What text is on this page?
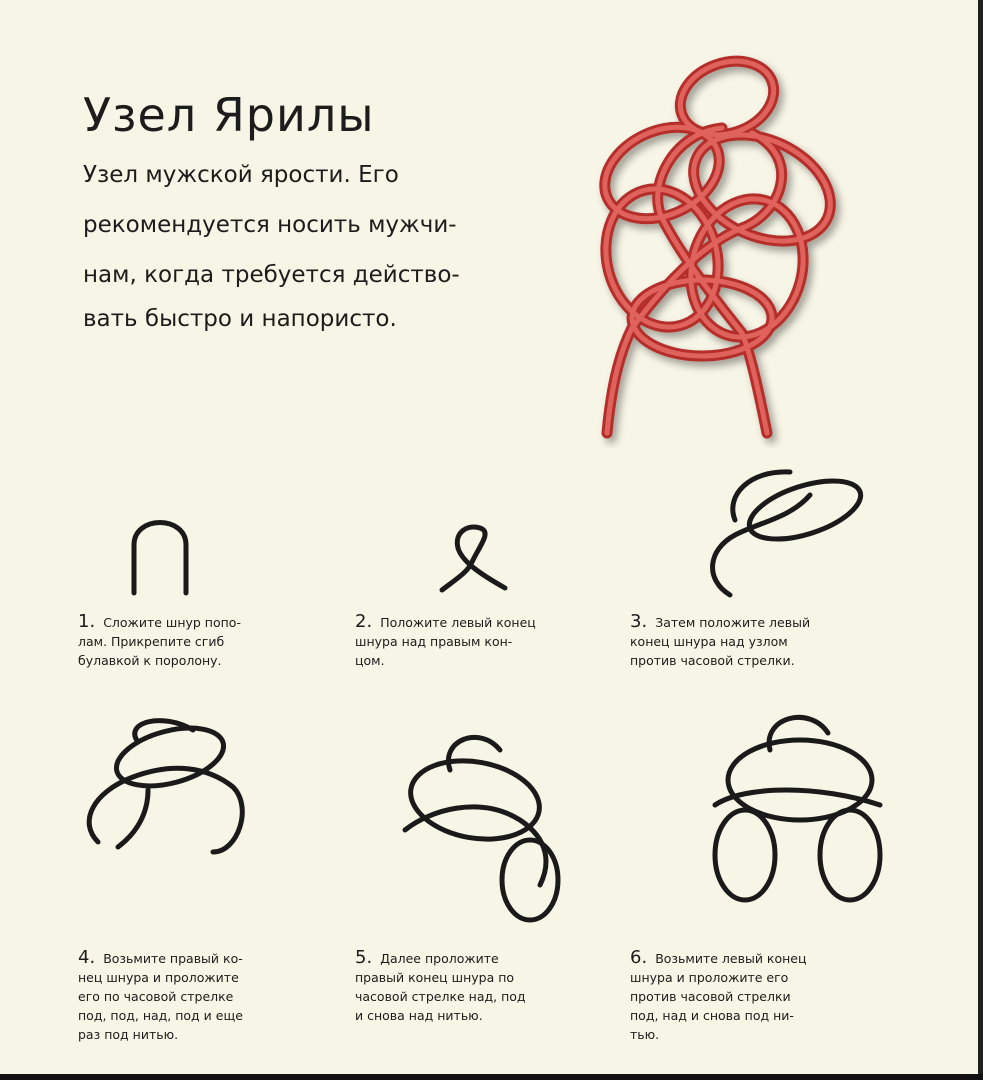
Узел Ярилы
Узел мужской ярости. Его
рекомендуется носить мужчи-
нам, когда требуется действо-
вать быстро и напористо.
1. Сложите шнур попо-
лам. Прикрепите сгиб
булавкой к поролону.
2. Положите левый конец
шнура над правым кон-
цом.
3. Затем положите левый
конец шнура над узлом
против часовой стрелки.
4. Возьмите правый ко-
нец шнура и проложите
его по часовой стрелке
под, под, над, под и еще
раз под нитью.
5. Далее проложите
правый конец шнура по
часовой стрелке над, под
и снова над нитью.
6. Возьмите левый конец
шнура и проложите его
против часовой стрелки
под, над и снова под ни-
тью.
